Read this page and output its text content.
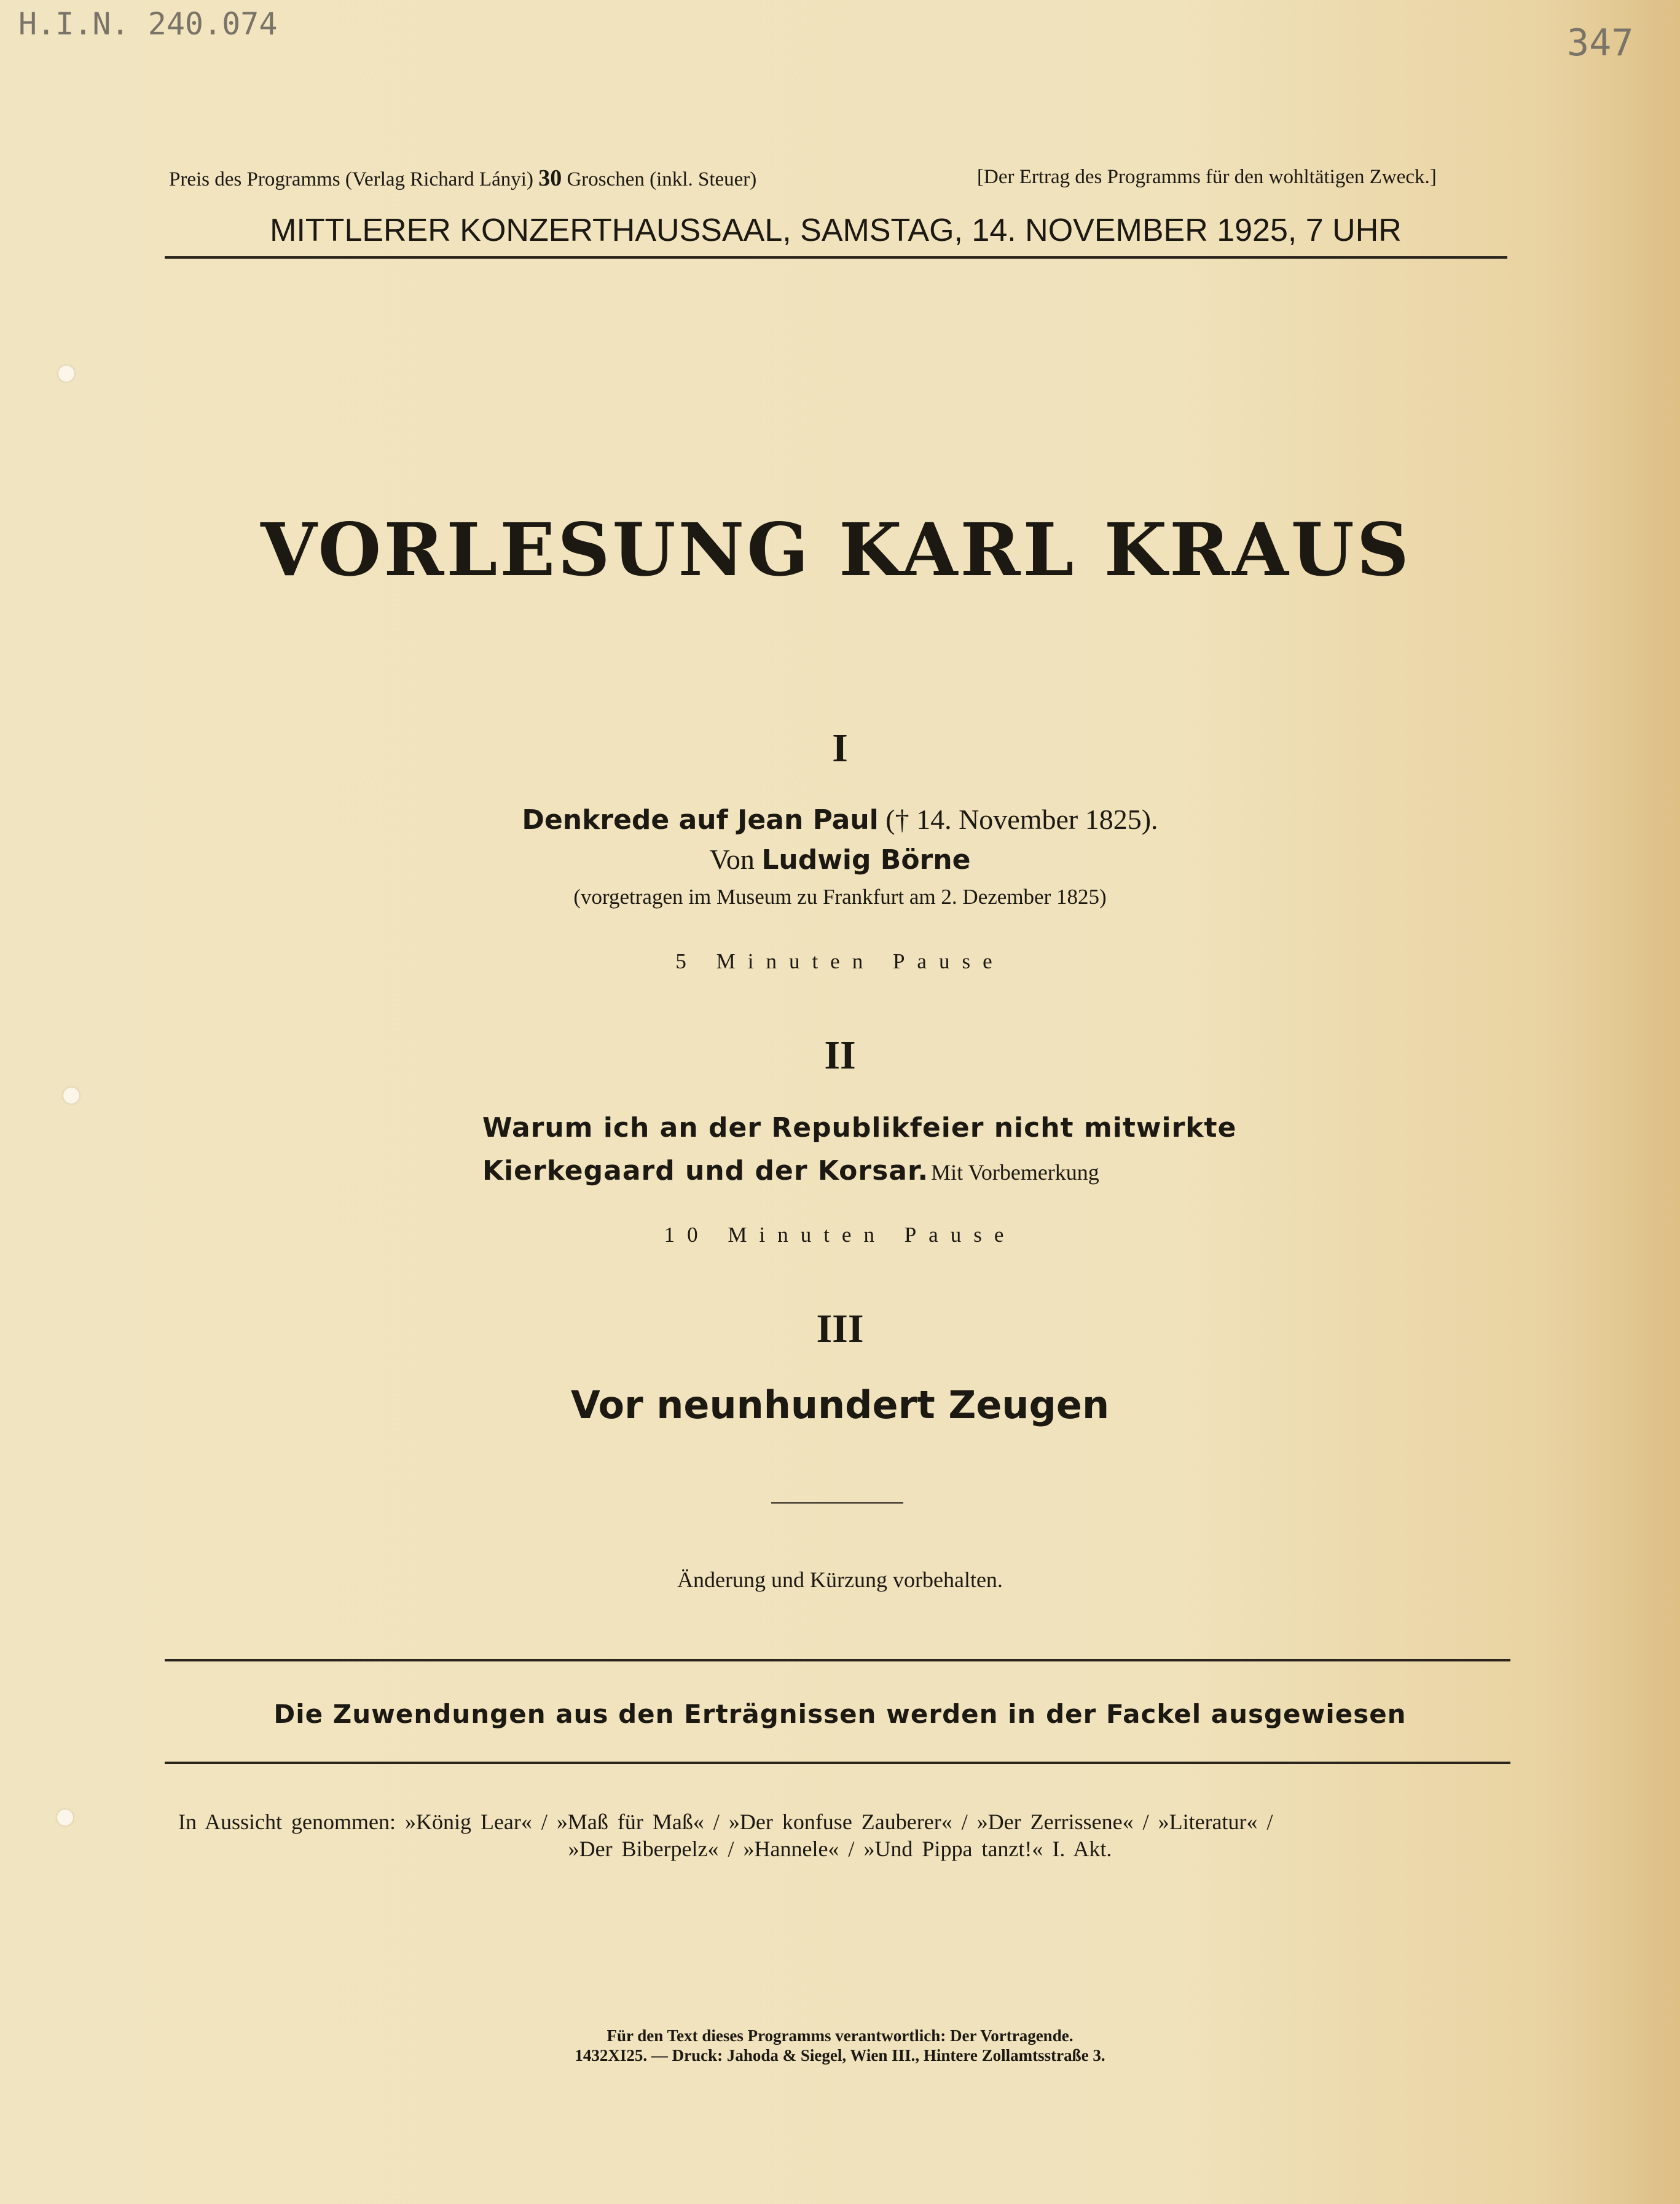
H.I.N. 240.074	347
Preis des Programms (Verlag Richard Lányi) 30 Groschen (inkl. Steuer)	[Der Ertrag des Programms für den wohltätigen Zweck.]
MITTLERER KONZERTHAUSSAAL, SAMSTAG, 14. NOVEMBER 1925, 7 UHR
VORLESUNG KARL KRAUS
I
Denkrede auf Jean Paul († 14. November 1825).
Von Ludwig Börne
(vorgetragen im Museum zu Frankfurt am 2. Dezember 1825)
5 Minuten Pause
II
Warum ich an der Republikfeier nicht mitwirkte
Kierkegaard und der Korsar. Mit Vorbemerkung
10 Minuten Pause
III
Vor neunhundert Zeugen
Änderung und Kürzung vorbehalten.
Die Zuwendungen aus den Erträgnissen werden in der Fackel ausgewiesen
In Aussicht genommen: »König Lear« / »Maß für Maß« / »Der konfuse Zauberer« / »Der Zerrissene« / »Literatur« /
»Der Biberpelz« / »Hannele« / »Und Pippa tanzt!« I. Akt.
Für den Text dieses Programms verantwortlich: Der Vortragende.
1432XI25. — Druck: Jahoda & Siegel, Wien III., Hintere Zollamtsstraße 3.
